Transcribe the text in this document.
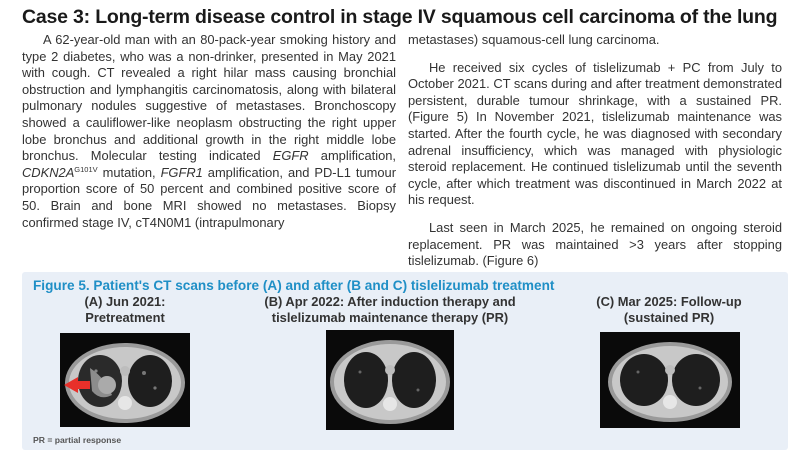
Case 3: Long-term disease control in stage IV squamous cell carcinoma of the lung

A 62-year-old man with an 80-pack-year smoking history and type 2 diabetes, who was a non-drinker, presented in May 2021 with cough. CT revealed a right hilar mass causing bronchial obstruction and lymphangitis carcinomatosis, along with bilateral pulmonary nodules suggestive of metastases. Bronchoscopy showed a cauliflower-like neoplasm obstructing the right upper lobe bronchus and additional growth in the right middle lobe bronchus. Molecular testing indicated EGFR amplification, $CDKN2A^{G101V}$ mutation, FGFR1 amplification, and PD-L1 tumour proportion score of 50 percent and combined positive score of 50. Brain and bone MRI showed no metastases. Biopsy confirmed stage IV, cT4N0M1 (intrapulmonary

metastases) squamous-cell lung carcinoma.

He received six cycles of tislelizumab + PC from July to October 2021. CT scans during and after treatment demonstrated persistent, durable tumour shrinkage, with a sustained PR. (Figure 5) In November 2021, tislelizumab maintenance was started. After the fourth cycle, he was diagnosed with secondary adrenal insufficiency, which was managed with physiologic steroid replacement. He continued tislelizumab until the seventh cycle, after which treatment was discontinued in March 2022 at his request.

Last seen in March 2025, he remained on ongoing steroid replacement. PR was maintained >3 years after stopping tislelizumab. (Figure 6)

Figure 5. Patient's CT scans before (A) and after (B and C) tislelizumab treatment
(A) Jun 2021:
Pretreatment
(B) Apr 2022: After induction therapy and
tislelizumab maintenance therapy (PR)
(C) Mar 2025: Follow-up
(sustained PR)
PR = partial response
